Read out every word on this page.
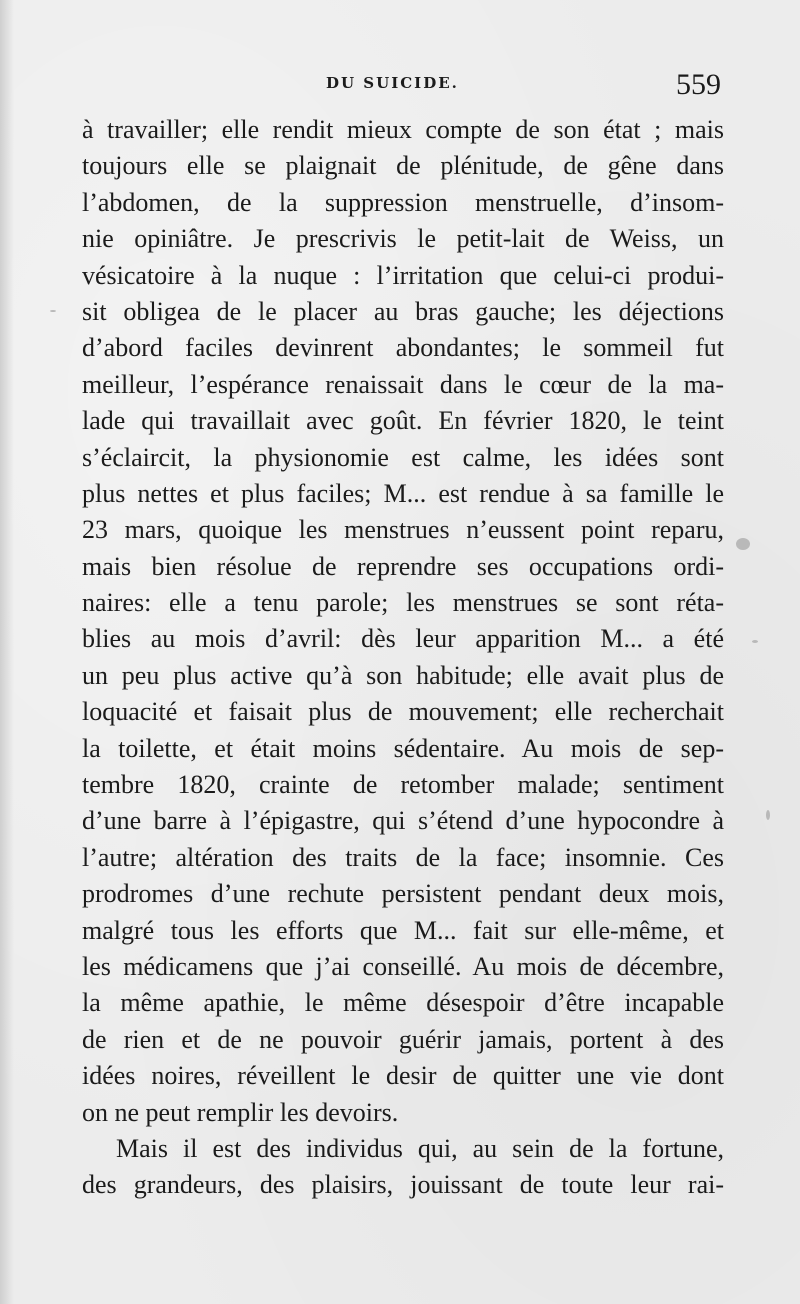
DU SUICIDE.	559
à travailler; elle rendit mieux compte de son état ; mais
toujours elle se plaignait de plénitude, de gêne dans
l’abdomen, de la suppression menstruelle, d’insom-
nie opiniâtre. Je prescrivis le petit-lait de Weiss, un
vésicatoire à la nuque : l’irritation que celui-ci produi-
sit obligea de le placer au bras gauche; les déjections
d’abord faciles devinrent abondantes; le sommeil fut
meilleur, l’espérance renaissait dans le cœur de la ma-
lade qui travaillait avec goût. En février 1820, le teint
s’éclaircit, la physionomie est calme, les idées sont
plus nettes et plus faciles; M... est rendue à sa famille le
23 mars, quoique les menstrues n’eussent point reparu,
mais bien résolue de reprendre ses occupations ordi-
naires: elle a tenu parole; les menstrues se sont réta-
blies au mois d’avril: dès leur apparition M... a été
un peu plus active qu’à son habitude; elle avait plus de
loquacité et faisait plus de mouvement; elle recherchait
la toilette, et était moins sédentaire. Au mois de sep-
tembre 1820, crainte de retomber malade; sentiment
d’une barre à l’épigastre, qui s’étend d’une hypocondre à
l’autre; altération des traits de la face; insomnie. Ces
prodromes d’une rechute persistent pendant deux mois,
malgré tous les efforts que M... fait sur elle-même, et
les médicamens que j’ai conseillé. Au mois de décembre,
la même apathie, le même désespoir d’être incapable
de rien et de ne pouvoir guérir jamais, portent à des
idées noires, réveillent le desir de quitter une vie dont
on ne peut remplir les devoirs.
Mais il est des individus qui, au sein de la fortune,
des grandeurs, des plaisirs, jouissant de toute leur rai-
